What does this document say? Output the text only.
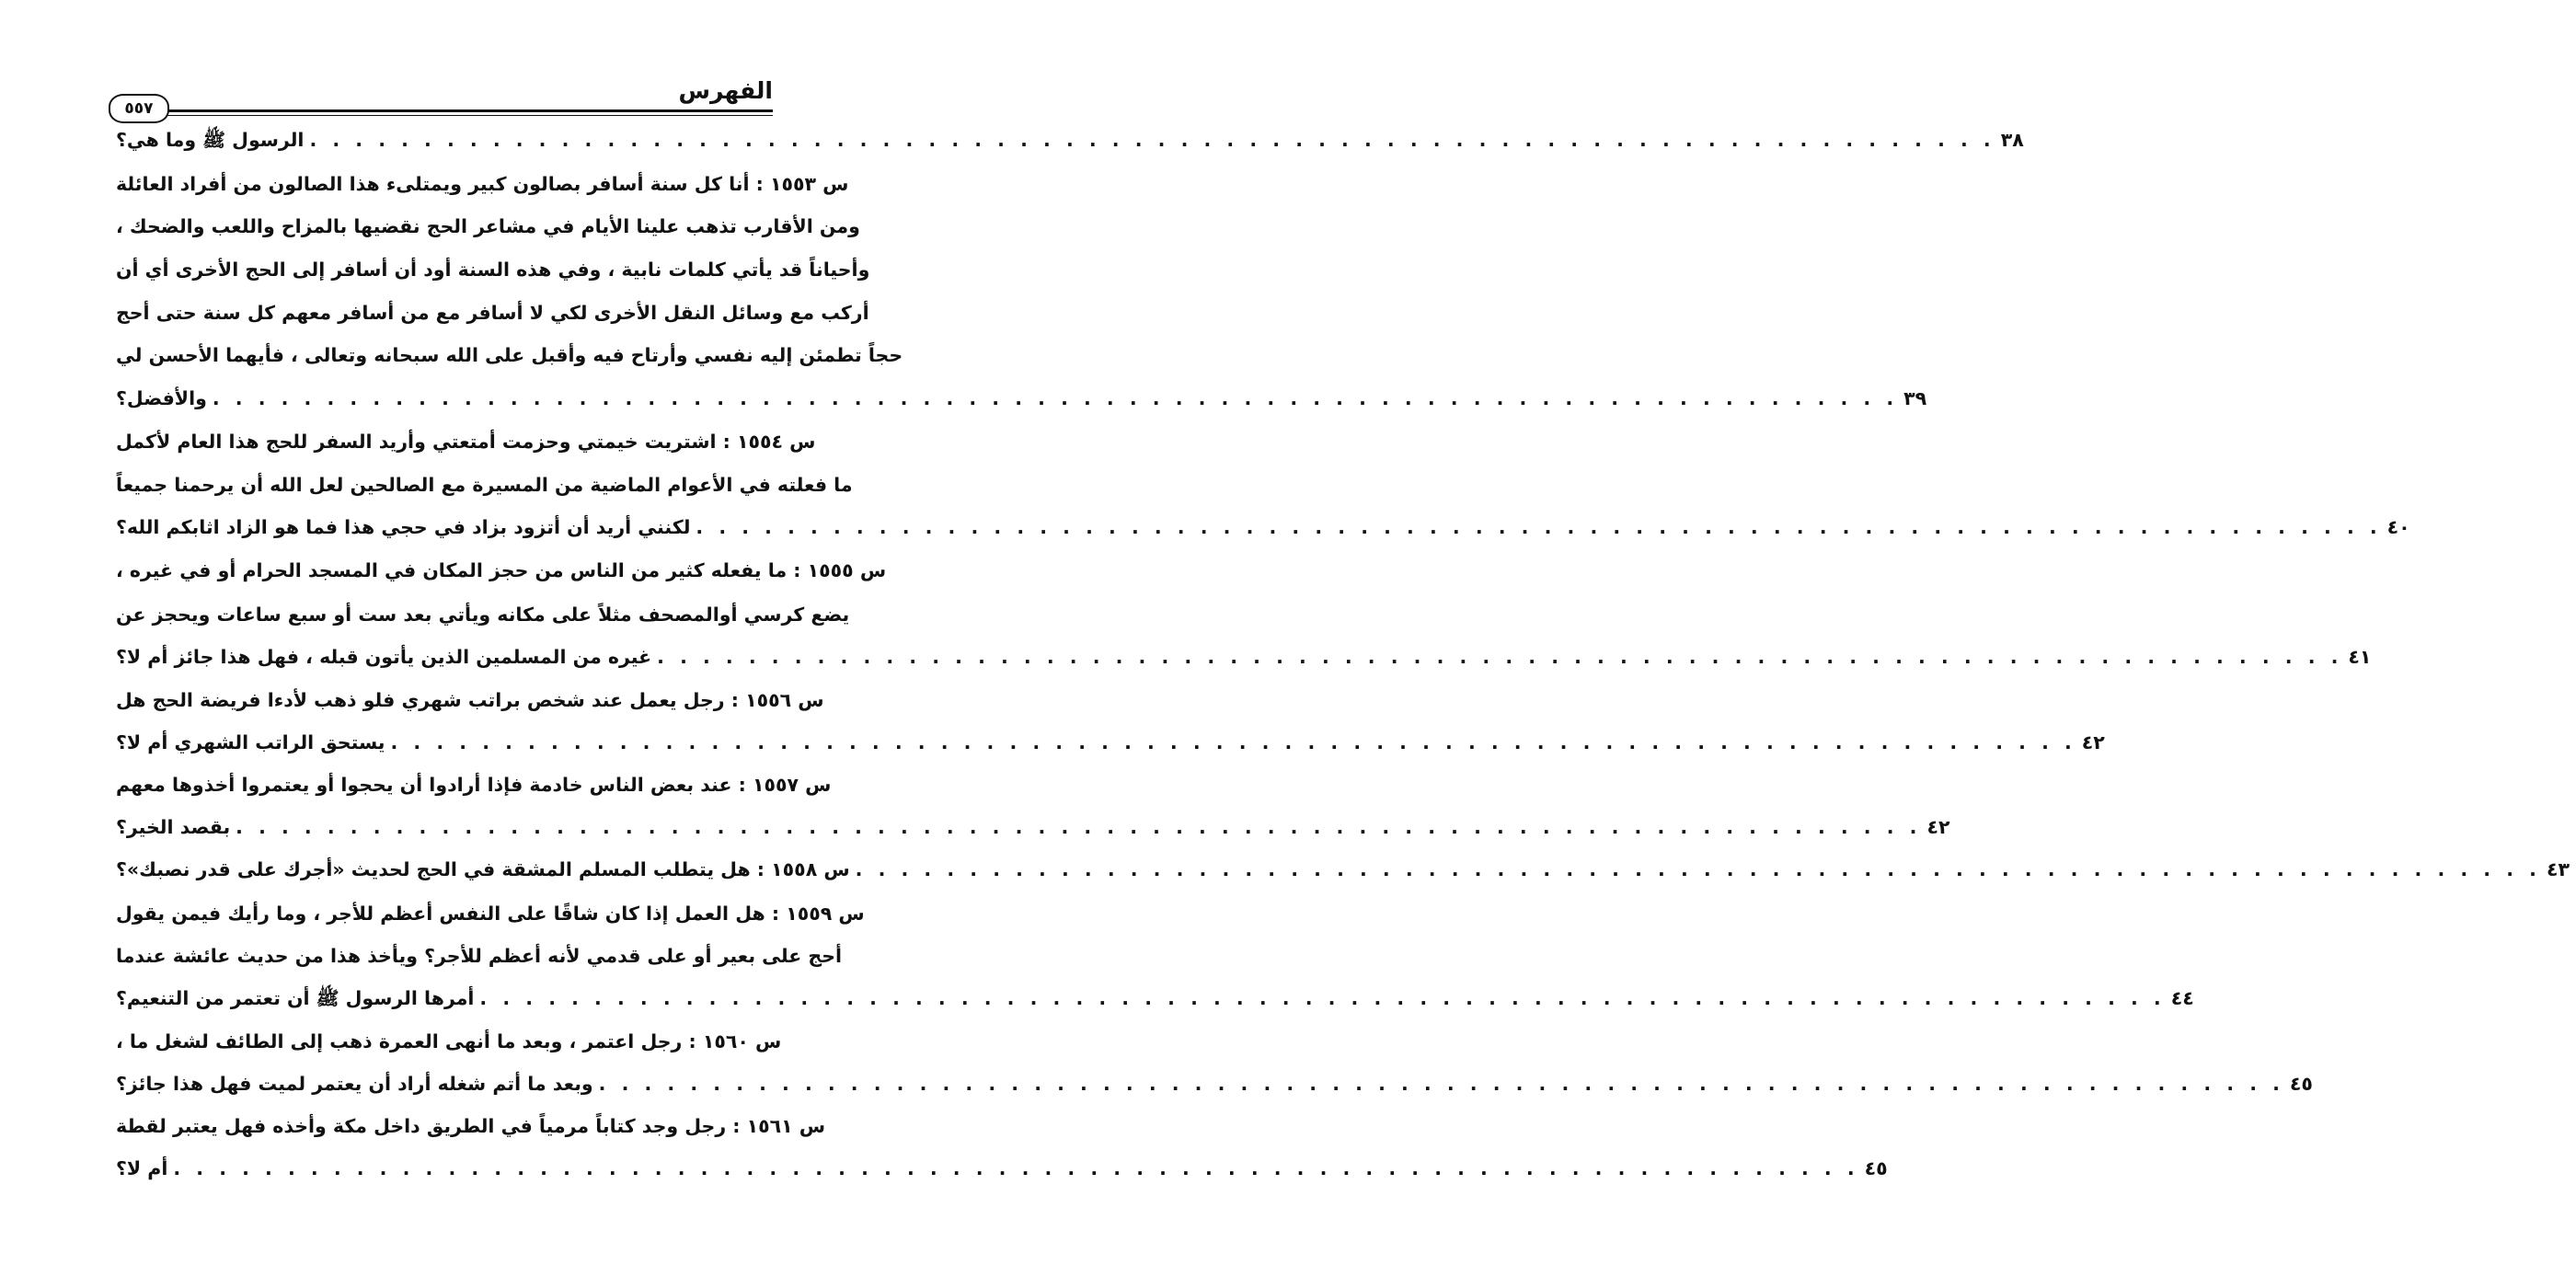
الفهرس
٥٥٧
الرسول ﷺ وما هي؟ . . .	٣٨
س ١٥٥٣ : أنا كل سنة أسافر بصالون كبير ويمتلىء هذا الصالون من أفراد العائلة
ومن الأقارب تذهب علينا الأيام في مشاعر الحج نقضيها بالمزاح واللعب والضحك ،
وأحياناً قد يأتي كلمات نابية ، وفي هذه السنة أود أن أسافر إلى الحج الأخرى أي أن
أركب مع وسائل النقل الأخرى لكي لا أسافر مع من أسافر معهم كل سنة حتى أحج
حجاً تطمئن إليه نفسي وأرتاح فيه وأقبل على الله سبحانه وتعالى ، فأيهما الأحسن لي
والأفضل؟ . . .	٣٩
س ١٥٥٤ : اشتريت خيمتي وحزمت أمتعتي وأريد السفر للحج هذا العام لأكمل
ما فعلته في الأعوام الماضية من المسيرة مع الصالحين لعل الله أن يرحمنا جميعاً
لكنني أريد أن أتزود بزاد في حجي هذا فما هو الزاد اثابكم الله؟ . . .	٤٠
س ١٥٥٥ : ما يفعله كثير من الناس من حجز المكان في المسجد الحرام أو في غيره ،
يضع كرسي أوالمصحف مثلاً على مكانه ويأتي بعد ست أو سبع ساعات ويحجز عن
غيره من المسلمين الذين يأتون قبله ، فهل هذا جائز أم لا؟ . . .	٤١
س ١٥٥٦ : رجل يعمل عند شخص براتب شهري فلو ذهب لأدءا فريضة الحج هل
يستحق الراتب الشهري أم لا؟ . . .	٤٢
س ١٥٥٧ : عند بعض الناس خادمة فإذا أرادوا أن يحجوا أو يعتمروا أخذوها معهم
بقصد الخير؟ . . .	٤٢
س ١٥٥٨ : هل يتطلب المسلم المشقة في الحج لحديث «أجرك على قدر نصبك»؟ . . .	٤٣
س ١٥٥٩ : هل العمل إذا كان شاقًا على النفس أعظم للأجر ، وما رأيك فيمن يقول
أحج على بعير أو على قدمي لأنه أعظم للأجر؟ ويأخذ هذا من حديث عائشة عندما
أمرها الرسول ﷺ أن تعتمر من التنعيم؟ . . .	٤٤
س ١٥٦٠ : رجل اعتمر ، وبعد ما أنهى العمرة ذهب إلى الطائف لشغل ما ،
وبعد ما أتم شغله أراد أن يعتمر لميت فهل هذا جائز؟ . . .	٤٥
س ١٥٦١ : رجل وجد كتاباً مرمياً في الطريق داخل مكة وأخذه فهل يعتبر لقطة
أم لا؟ . . .	٤٥
